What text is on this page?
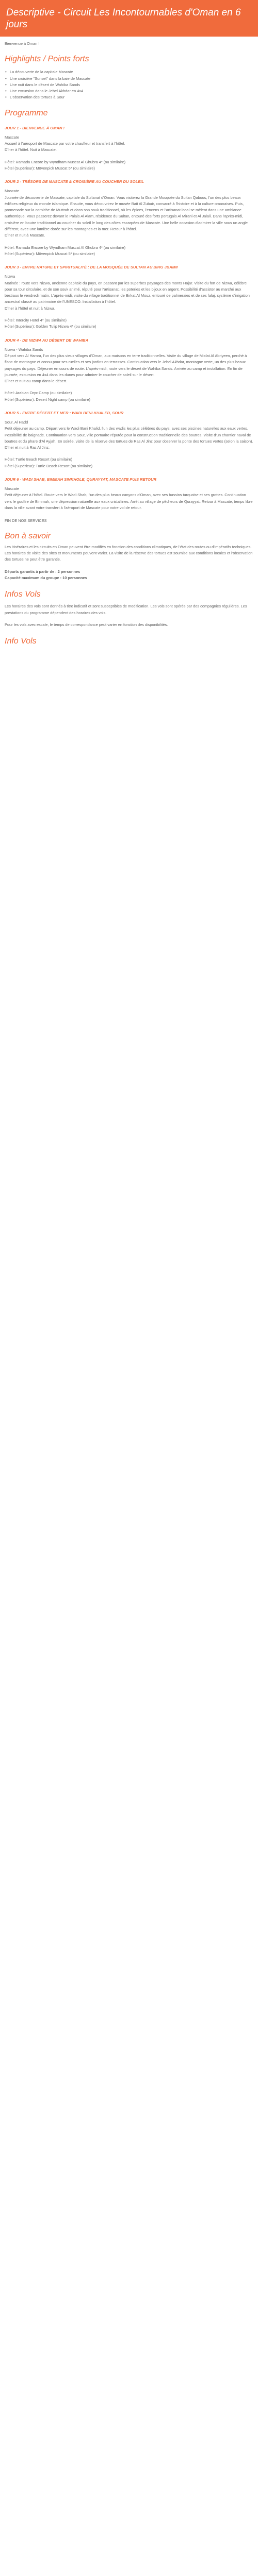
Descriptive - Circuit Les Incontournables d'Oman en 6 jours

Bienvenue à Oman !

Highlights / Points forts
• La découverte de la capitale Mascate
• Une croisière "Sunset" dans la baie de Mascate
• Une nuit dans le désert de Wahiba Sands
• Une excursion dans le Jebel Akhdar en 4x4
• L'observation des tortues à Sour
Programme
JOUR 1 - BIENVENUE À OMAN !

Mascate
Accueil à l'aéroport de Mascate par votre chauffeur et transfert à l'hôtel.
Dîner à l'hôtel. Nuit à Mascate.

Hôtel: Ramada Encore by Wyndham Muscat Al Ghubra 4* (ou similaire)
Hôtel (Supérieur): Mövenpick Muscat 5* (ou similaire)
JOUR 2 - TRÉSORS DE MASCATE & CROISIÈRE AU COUCHER DU SOLEIL

Mascate
Journée de découverte de Mascate, capitale du Sultanat d'Oman. Vous visiterez la Grande Mosquée du Sultan Qaboos, l'un des plus beaux édifices religieux du monde islamique. Ensuite, vous découvrirez le musée Bait Al Zubair, consacré à l'histoire et à la culture omanaises. Puis, promenade sur la corniche de Muttrah et dans son souk traditionnel, où les épices, l'encens et l'artisanat local se mêlent dans une ambiance authentique. Vous passerez devant le Palais Al Alam, résidence du Sultan, entouré des forts portugais Al Mirani et Al Jalali. Dans l'après-midi, croisière en boutre traditionnel au coucher du soleil le long des côtes escarpées de Mascate. Une belle occasion d'admirer la ville sous un angle différent, avec une lumière dorée sur les montagnes et la mer. Retour à l'hôtel.
Dîner et nuit à Mascate.

Hôtel: Ramada Encore by Wyndham Muscat Al Ghubra 4* (ou similaire)
Hôtel (Supérieur): Mövenpick Muscat 5* (ou similaire)
JOUR 3 - ENTRE NATURE ET SPIRITUALITÉ : DE LA MOSQUÉE DE SULTAN AU BIRG JBAIMI

Nizwa
Matinée : route vers Nizwa, ancienne capitale du pays, en passant par les superbes paysages des monts Hajar. Visite du fort de Nizwa, célèbre pour sa tour circulaire, et de son souk animé, réputé pour l'artisanat, les poteries et les bijoux en argent. Possibilité d'assister au marché aux bestiaux le vendredi matin. L'après-midi, visite du village traditionnel de Birkat Al Mouz, entouré de palmeraies et de ses falaj, système d'irrigation ancestral classé au patrimoine de l'UNESCO. Installation à l'hôtel.
Dîner à l'hôtel et nuit à Nizwa.

Hôtel: Intercity Hotel 4* (ou similaire)
Hôtel (Supérieur): Golden Tulip Nizwa 4* (ou similaire)
JOUR 4 - DE NIZWA AU DÉSERT DE WAHIBA

Nizwa - Wahiba Sands
Départ vers Al Hamra, l'un des plus vieux villages d'Oman, aux maisons en terre traditionnelles. Visite du village de Misfat Al Abriyeen, perché à flanc de montagne et connu pour ses ruelles et ses jardins en terrasses. Continuation vers le Jebel Akhdar, montagne verte, un des plus beaux paysages du pays. Déjeuner en cours de route. L'après-midi, route vers le désert de Wahiba Sands. Arrivée au camp et installation. En fin de journée, excursion en 4x4 dans les dunes pour admirer le coucher de soleil sur le désert.
Dîner et nuit au camp dans le désert.

Hôtel: Arabian Oryx Camp (ou similaire)
Hôtel (Supérieur): Desert Night camp (ou similaire)
JOUR 5 - ENTRE DÉSERT ET MER : WADI BENI KHALED, SOUR

Sour, Al Hadd
Petit déjeuner au camp. Départ vers le Wadi Bani Khalid, l'un des wadis les plus célèbres du pays, avec ses piscines naturelles aux eaux vertes. Possibilité de baignade. Continuation vers Sour, ville portuaire réputée pour la construction traditionnelle des boutres. Visite d'un chantier naval de boutres et du phare d'Al Ayjah. En soirée, visite de la réserve des tortues de Ras Al Jinz pour observer la ponte des tortues vertes (selon la saison).
Dîner et nuit à Ras Al Jinz.

Hôtel: Turtle Beach Resort (ou similaire)
Hôtel (Supérieur): Turtle Beach Resort (ou similaire)
JOUR 6 - WADI SHAB, BIMMAH SINKHOLE, QURAYYAT, MASCATE PUIS RETOUR

Mascate
Petit déjeuner à l'hôtel. Route vers le Wadi Shab, l'un des plus beaux canyons d'Oman, avec ses bassins turquoise et ses grottes. Continuation vers le gouffre de Bimmah, une dépression naturelle aux eaux cristallines. Arrêt au village de pêcheurs de Qurayyat. Retour à Mascate, temps libre dans la ville avant votre transfert à l'aéroport de Mascate pour votre vol de retour.

FIN DE NOS SERVICES

Bon à savoir

Les itinéraires et les circuits en Oman peuvent être modifiés en fonction des conditions climatiques, de l'état des routes ou d'impératifs techniques. Les horaires de visite des sites et monuments peuvent varier. La visite de la réserve des tortues est soumise aux conditions locales et l'observation des tortues ne peut être garantie.

Départs garantis à partir de : 2 personnes
Capacité maximum du groupe : 10 personnes

Infos Vols

Les horaires des vols sont donnés à titre indicatif et sont susceptibles de modification. Les vols sont opérés par des compagnies régulières. Les prestations du programme dépendent des horaires des vols.

Pour les vols avec escale, le temps de correspondance peut varier en fonction des disponibilités.

Info Vols
